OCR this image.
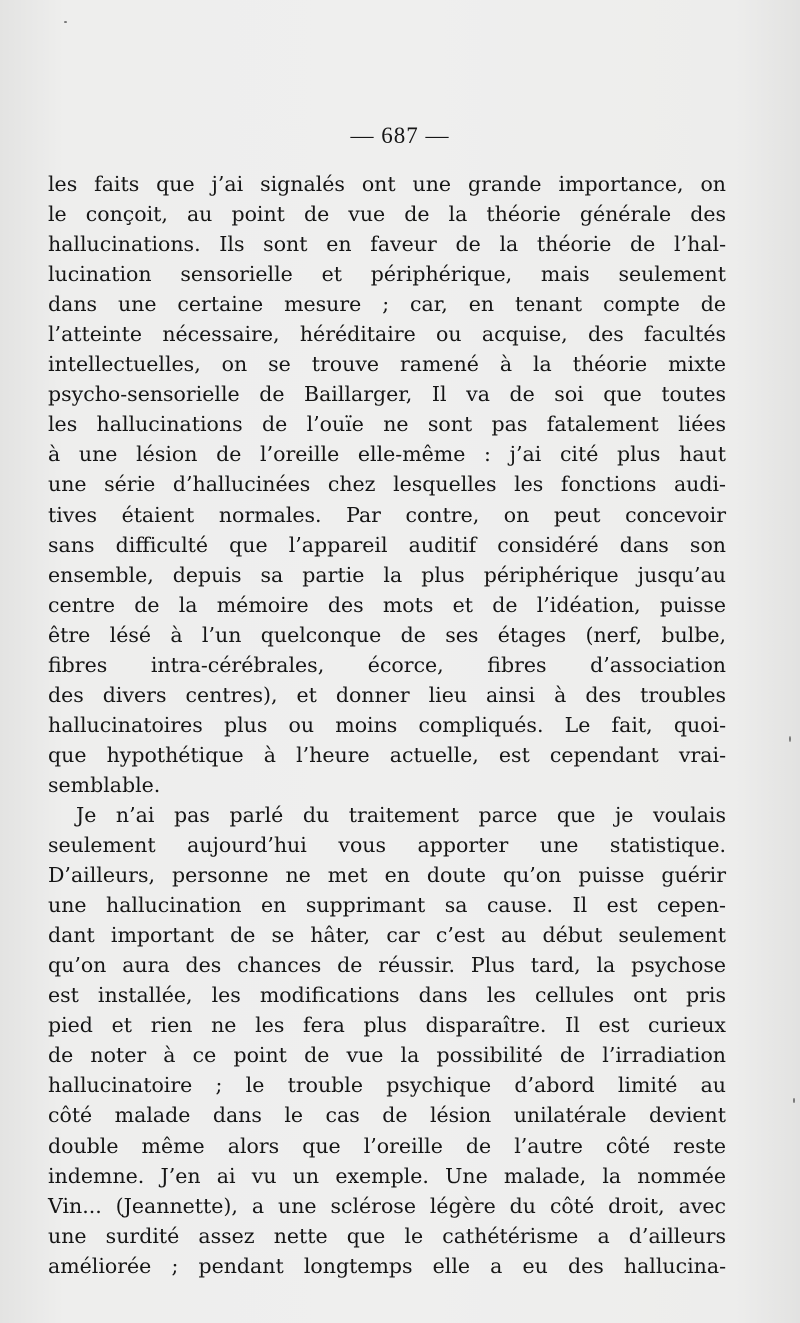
— 687 —
les faits que j’ai signalés ont une grande importance, on
le conçoit, au point de vue de la théorie générale des
hallucinations. Ils sont en faveur de la théorie de l’hal-
lucination sensorielle et périphérique, mais seulement
dans une certaine mesure ; car, en tenant compte de
l’atteinte nécessaire, héréditaire ou acquise, des facultés
intellectuelles, on se trouve ramené à la théorie mixte
psycho-sensorielle de Baillarger, Il va de soi que toutes
les hallucinations de l’ouïe ne sont pas fatalement liées
à une lésion de l’oreille elle-même : j’ai cité plus haut
une série d’hallucinées chez lesquelles les fonctions audi-
tives étaient normales. Par contre, on peut concevoir
sans difficulté que l’appareil auditif considéré dans son
ensemble, depuis sa partie la plus périphérique jusqu’au
centre de la mémoire des mots et de l’idéation, puisse
être lésé à l’un quelconque de ses étages (nerf, bulbe,
fibres intra-cérébrales, écorce, fibres d’association
des divers centres), et donner lieu ainsi à des troubles
hallucinatoires plus ou moins compliqués. Le fait, quoi-
que hypothétique à l’heure actuelle, est cependant vrai-
semblable.
Je n’ai pas parlé du traitement parce que je voulais
seulement aujourd’hui vous apporter une statistique.
D’ailleurs, personne ne met en doute qu’on puisse guérir
une hallucination en supprimant sa cause. Il est cepen-
dant important de se hâter, car c’est au début seulement
qu’on aura des chances de réussir. Plus tard, la psychose
est installée, les modifications dans les cellules ont pris
pied et rien ne les fera plus disparaître. Il est curieux
de noter à ce point de vue la possibilité de l’irradiation
hallucinatoire ; le trouble psychique d’abord limité au
côté malade dans le cas de lésion unilatérale devient
double même alors que l’oreille de l’autre côté reste
indemne. J’en ai vu un exemple. Une malade, la nommée
Vin... (Jeannette), a une sclérose légère du côté droit, avec
une surdité assez nette que le cathétérisme a d’ailleurs
améliorée ; pendant longtemps elle a eu des hallucina-
